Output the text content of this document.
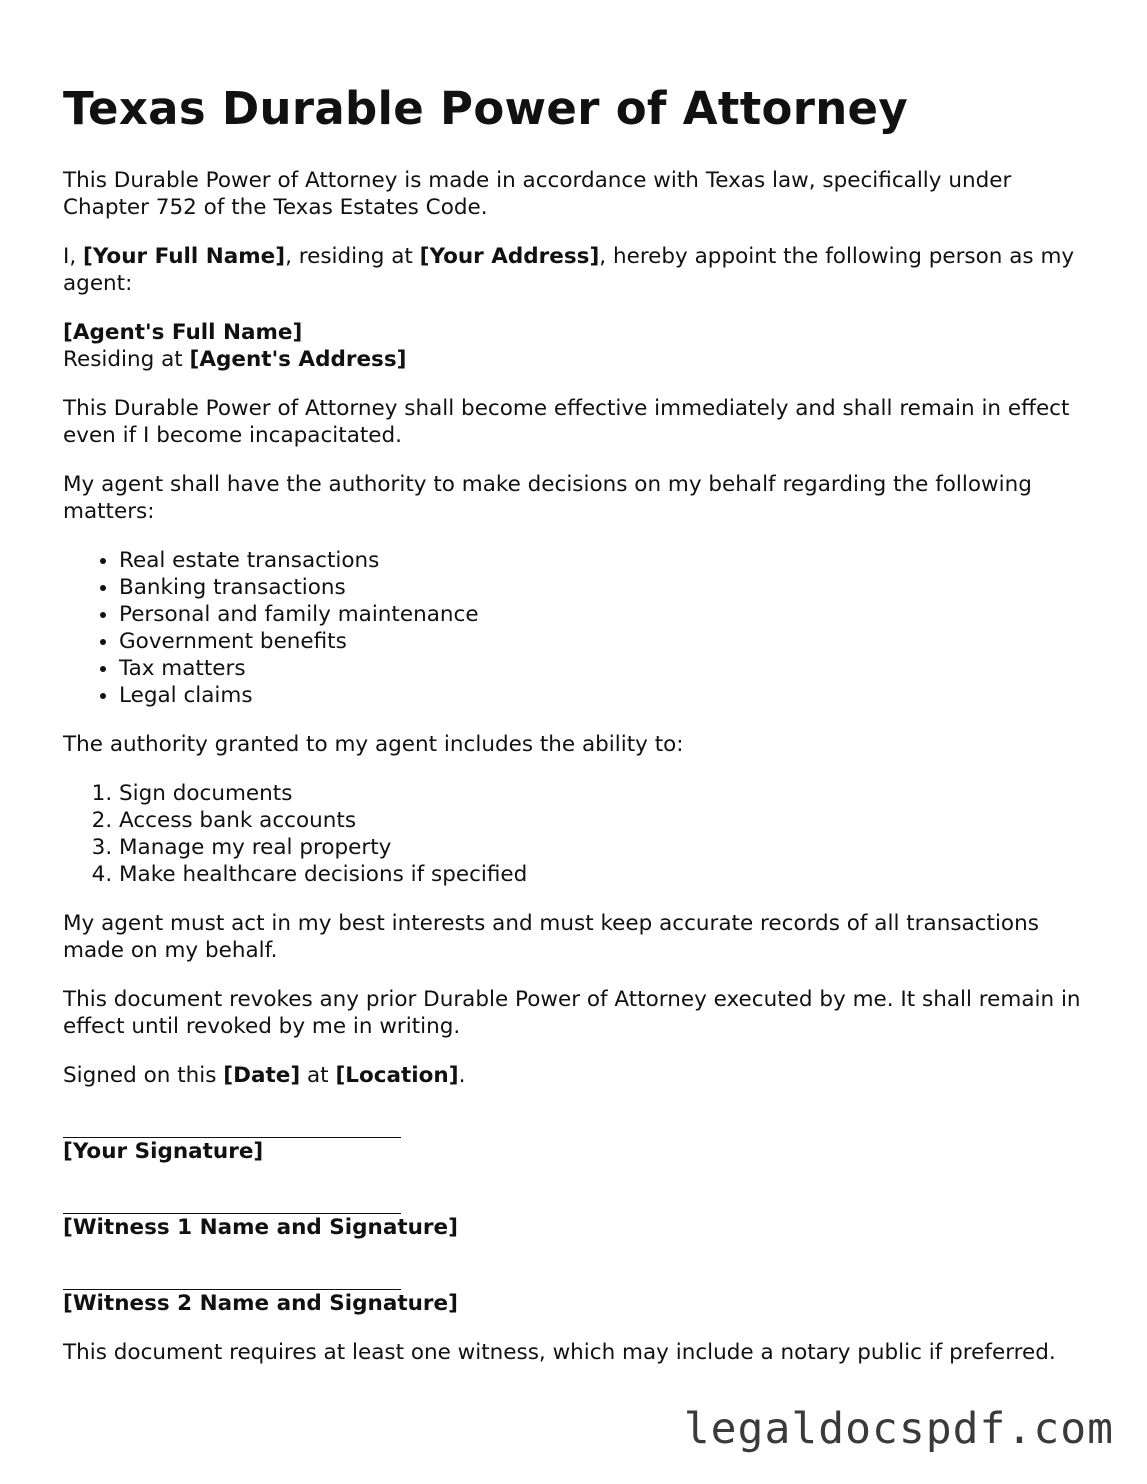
Texas Durable Power of Attorney

This Durable Power of Attorney is made in accordance with Texas law, specifically under Chapter 752 of the Texas Estates Code.

I, [Your Full Name], residing at [Your Address], hereby appoint the following person as my agent:

[Agent's Full Name]
Residing at [Agent's Address]

This Durable Power of Attorney shall become effective immediately and shall remain in effect even if I become incapacitated.

My agent shall have the authority to make decisions on my behalf regarding the following matters:

• Real estate transactions
• Banking transactions
• Personal and family maintenance
• Government benefits
• Tax matters
• Legal claims

The authority granted to my agent includes the ability to:

1. Sign documents
2. Access bank accounts
3. Manage my real property
4. Make healthcare decisions if specified

My agent must act in my best interests and must keep accurate records of all transactions made on my behalf.

This document revokes any prior Durable Power of Attorney executed by me. It shall remain in effect until revoked by me in writing.

Signed on this [Date] at [Location].

[Your Signature]
[Witness 1 Name and Signature]
[Witness 2 Name and Signature]

This document requires at least one witness, which may include a notary public if preferred.

legaldocspdf.com
